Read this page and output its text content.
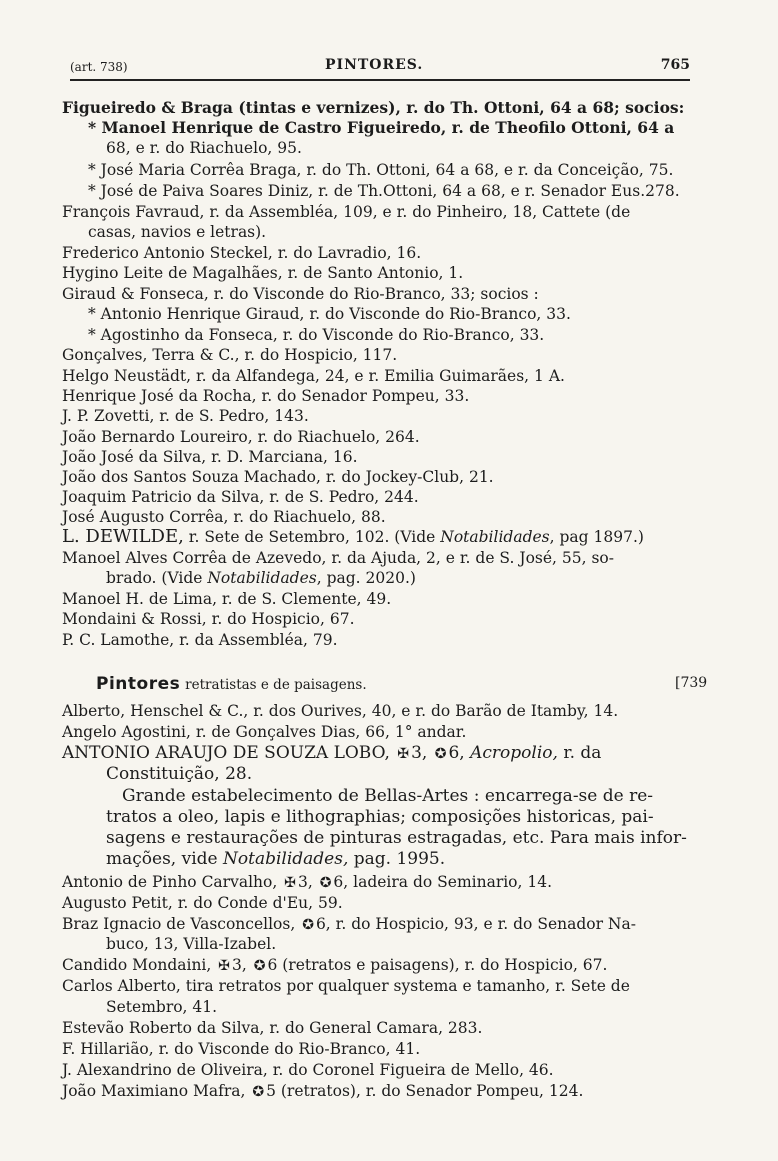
(art. 738)	PINTORES.	765
Figueiredo & Braga (tintas e vernizes), r. do Th. Ottoni, 64 a 68; socios:
* Manoel Henrique de Castro Figueiredo, r. de Theofilo Ottoni, 64 a
68, e r. do Riachuelo, 95.
* José Maria Corrêa Braga, r. do Th. Ottoni, 64 a 68, e r. da Conceição, 75.
* José de Paiva Soares Diniz, r. de Th.Ottoni, 64 a 68, e r. Senador Eus.278.
François Favraud, r. da Assembléa, 109, e r. do Pinheiro, 18, Cattete (de
casas, navios e letras).
Frederico Antonio Steckel, r. do Lavradio, 16.
Hygino Leite de Magalhães, r. de Santo Antonio, 1.
Giraud & Fonseca, r. do Visconde do Rio-Branco, 33; socios :
* Antonio Henrique Giraud, r. do Visconde do Rio-Branco, 33.
* Agostinho da Fonseca, r. do Visconde do Rio-Branco, 33.
Gonçalves, Terra & C., r. do Hospicio, 117.
Helgo Neustädt, r. da Alfandega, 24, e r. Emilia Guimarães, 1 A.
Henrique José da Rocha, r. do Senador Pompeu, 33.
J. P. Zovetti, r. de S. Pedro, 143.
João Bernardo Loureiro, r. do Riachuelo, 264.
João José da Silva, r. D. Marciana, 16.
João dos Santos Souza Machado, r. do Jockey-Club, 21.
Joaquim Patricio da Silva, r. de S. Pedro, 244.
José Augusto Corrêa, r. do Riachuelo, 88.
L. DEWILDE, r. Sete de Setembro, 102. (Vide Notabilidades, pag 1897.)
Manoel Alves Corrêa de Azevedo, r. da Ajuda, 2, e r. de S. José, 55, so-
brado. (Vide Notabilidades, pag. 2020.)
Manoel H. de Lima, r. de S. Clemente, 49.
Mondaini & Rossi, r. do Hospicio, 67.
P. C. Lamothe, r. da Assembléa, 79.
Pintores retratistas e de paisagens.	[739
Alberto, Henschel & C., r. dos Ourives, 40, e r. do Barão de Itamby, 14.
Angelo Agostini, r. de Gonçalves Dias, 66, 1° andar.
ANTONIO ARAUJO DE SOUZA LOBO, ✠ 3, ✪ 6, Acropolio, r. da
Constituição, 28.
Grande estabelecimento de Bellas-Artes : encarrega-se de re-
tratos a oleo, lapis e lithographias; composições historicas, pai-
sagens e restaurações de pinturas estragadas, etc. Para mais infor-
mações, vide Notabilidades, pag. 1995.
Antonio de Pinho Carvalho, ✠ 3, ✪ 6, ladeira do Seminario, 14.
Augusto Petit, r. do Conde d'Eu, 59.
Braz Ignacio de Vasconcellos, ✪ 6, r. do Hospicio, 93, e r. do Senador Na-
buco, 13, Villa-Izabel.
Candido Mondaini, ✠ 3, ✪ 6 (retratos e paisagens), r. do Hospicio, 67.
Carlos Alberto, tira retratos por qualquer systema e tamanho, r. Sete de
Setembro, 41.
Estevão Roberto da Silva, r. do General Camara, 283.
F. Hillarião, r. do Visconde do Rio-Branco, 41.
J. Alexandrino de Oliveira, r. do Coronel Figueira de Mello, 46.
João Maximiano Mafra, ✪ 5 (retratos), r. do Senador Pompeu, 124.
